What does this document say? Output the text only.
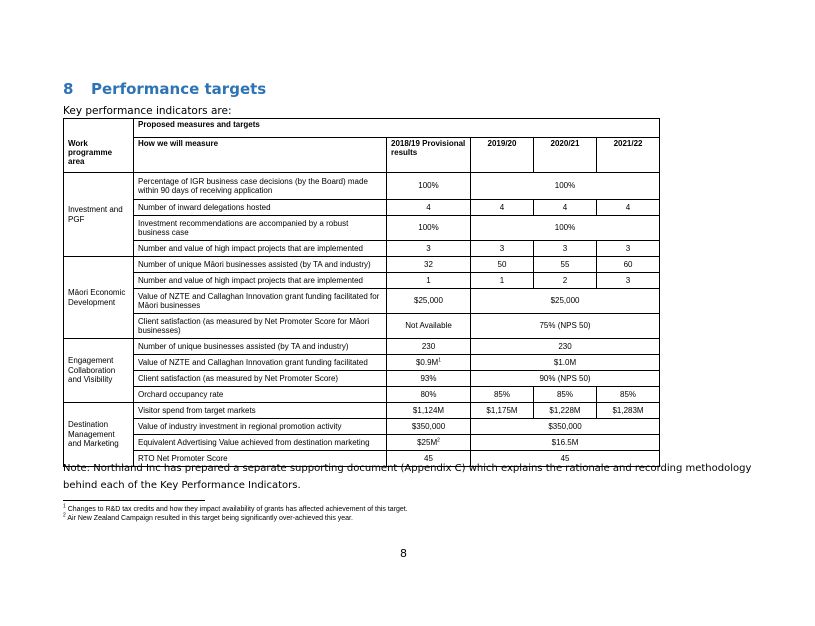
8 Performance targets
Key performance indicators are:
	Proposed measures and targets				
Work programme area	How we will measure	2018/19 Provisional results	2019/20	2020/21	2021/22
Investment and PGF	Percentage of IGR business case decisions (by the Board) made within 90 days of receiving application	100%	100%		
	Number of inward delegations hosted	4	4	4	4
	Investment recommendations are accompanied by a robust business case	100%	100%		
	Number and value of high impact projects that are implemented	3	3	3	3
Māori Economic Development	Number of unique Māori businesses assisted (by TA and industry)	32	50	55	60
	Number and value of high impact projects that are implemented	1	1	2	3
	Value of NZTE and Callaghan Innovation grant funding facilitated for Māori businesses	$25,000	$25,000		
	Client satisfaction (as measured by Net Promoter Score for Māori businesses)	Not Available	75% (NPS 50)		
Engagement Collaboration and Visibility	Number of unique businesses assisted (by TA and industry)	230	230		
	Value of NZTE and Callaghan Innovation grant funding facilitated	$\$0.9M^1$	$1.0M		
	Client satisfaction (as measured by Net Promoter Score)	93%	90% (NPS 50)		
	Orchard occupancy rate	80%	85%	85%	85%
Destination Management and Marketing	Visitor spend from target markets	$1,124M	$1,175M	$1,228M	$1,283M
	Value of industry investment in regional promotion activity	$350,000	$350,000		
	Equivalent Advertising Value achieved from destination marketing	$\$25M^2$	$16.5M		
	RTO Net Promoter Score	45	45		
Note: Northland Inc has prepared a separate supporting document (Appendix C) which explains the rationale and recording methodology behind each of the Key Performance Indicators.
$^1$ Changes to R&D tax credits and how they impact availability of grants has affected achievement of this target.
$^2$ Air New Zealand Campaign resulted in this target being significantly over-achieved this year.
8
